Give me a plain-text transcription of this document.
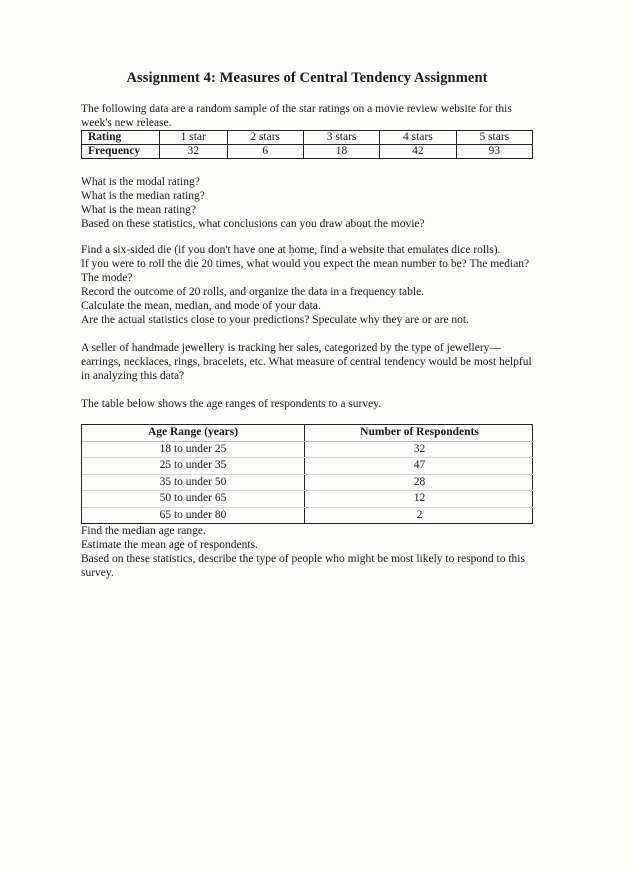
Assignment 4: Measures of Central Tendency Assignment

The following data are a random sample of the star ratings on a movie review website for this week's new release.

Rating	1 star	2 stars	3 stars	4 stars	5 stars
Frequency	32	6	18	42	93

What is the modal rating?

What is the median rating?

What is the mean rating?

Based on these statistics, what conclusions can you draw about the movie?

Find a six-sided die (if you don't have one at home, find a website that emulates dice rolls).

If you were to roll the die 20 times, what would you expect the mean number to be? The median? The mode?

Record the outcome of 20 rolls, and organize the data in a frequency table.

Calculate the mean, median, and mode of your data.

Are the actual statistics close to your predictions? Speculate why they are or are not.

A seller of handmade jewellery is tracking her sales, categorized by the type of jewellery—earrings, necklaces, rings, bracelets, etc. What measure of central tendency would be most helpful in analyzing this data?

The table below shows the age ranges of respondents to a survey.

Age Range (years)	Number of Respondents
18 to under 25	32
25 to under 35	47
35 to under 50	28
50 to under 65	12
65 to under 80	2

Find the median age range.

Estimate the mean age of respondents.

Based on these statistics, describe the type of people who might be most likely to respond to this survey.
